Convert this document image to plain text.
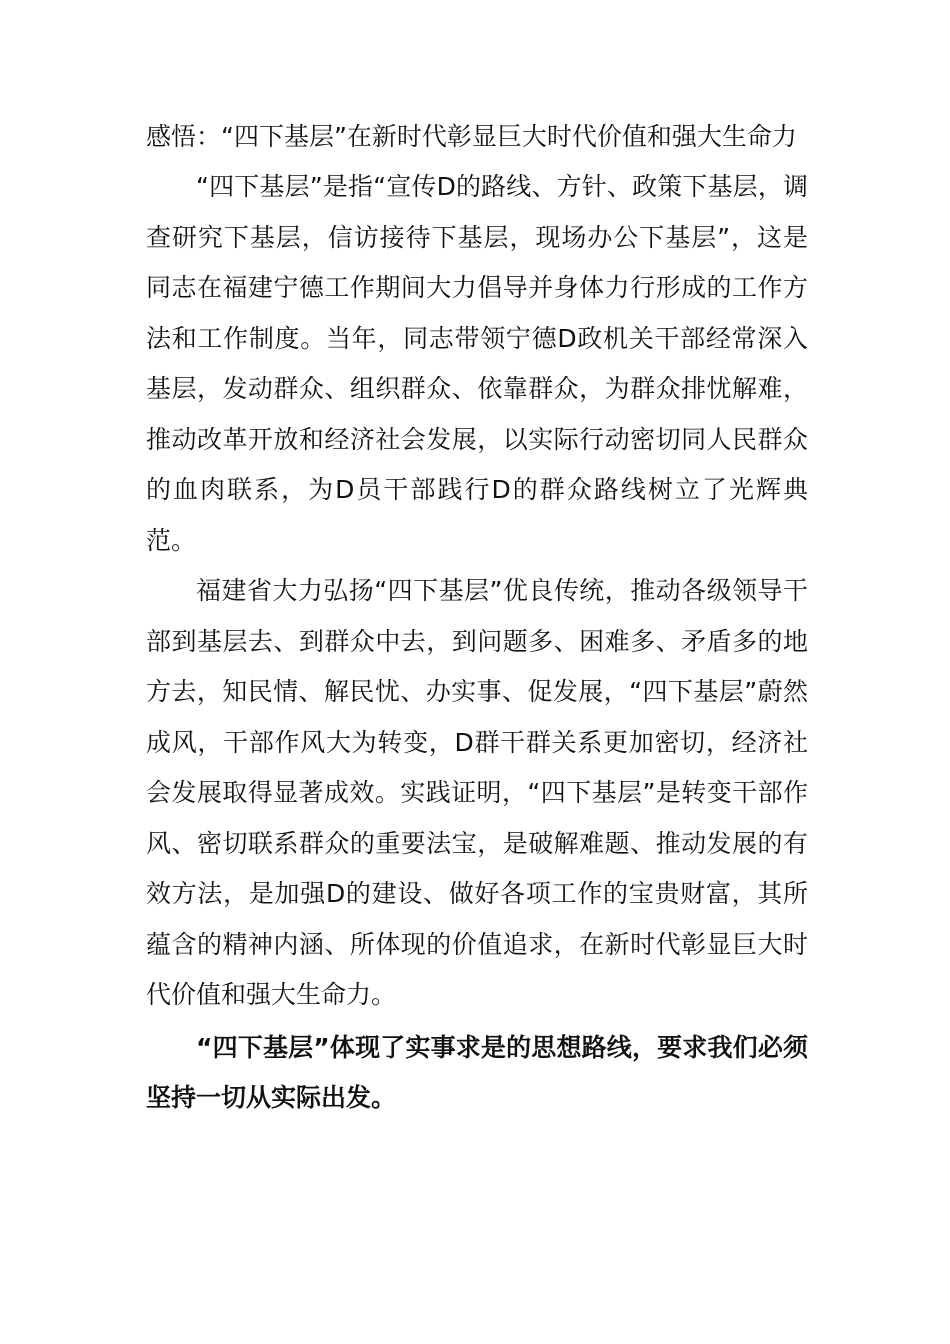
感悟：“四下基层”在新时代彰显巨大时代价值和强大生命力

“四下基层”是指“宣传D的路线、方针、政策下基层，调查研究下基层，信访接待下基层，现场办公下基层”，这是同志在福建宁德工作期间大力倡导并身体力行形成的工作方法和工作制度。当年，同志带领宁德D政机关干部经常深入基层，发动群众、组织群众、依靠群众，为群众排忧解难，推动改革开放和经济社会发展，以实际行动密切同人民群众的血肉联系，为D员干部践行D的群众路线树立了光辉典范。

福建省大力弘扬“四下基层”优良传统，推动各级领导干部到基层去、到群众中去，到问题多、困难多、矛盾多的地方去，知民情、解民忧、办实事、促发展，“四下基层”蔚然成风，干部作风大为转变，D群干群关系更加密切，经济社会发展取得显著成效。实践证明，“四下基层”是转变干部作风、密切联系群众的重要法宝，是破解难题、推动发展的有效方法，是加强D的建设、做好各项工作的宝贵财富，其所蕴含的精神内涵、所体现的价值追求，在新时代彰显巨大时代价值和强大生命力。

“四下基层”体现了实事求是的思想路线，要求我们必须坚持一切从实际出发。
